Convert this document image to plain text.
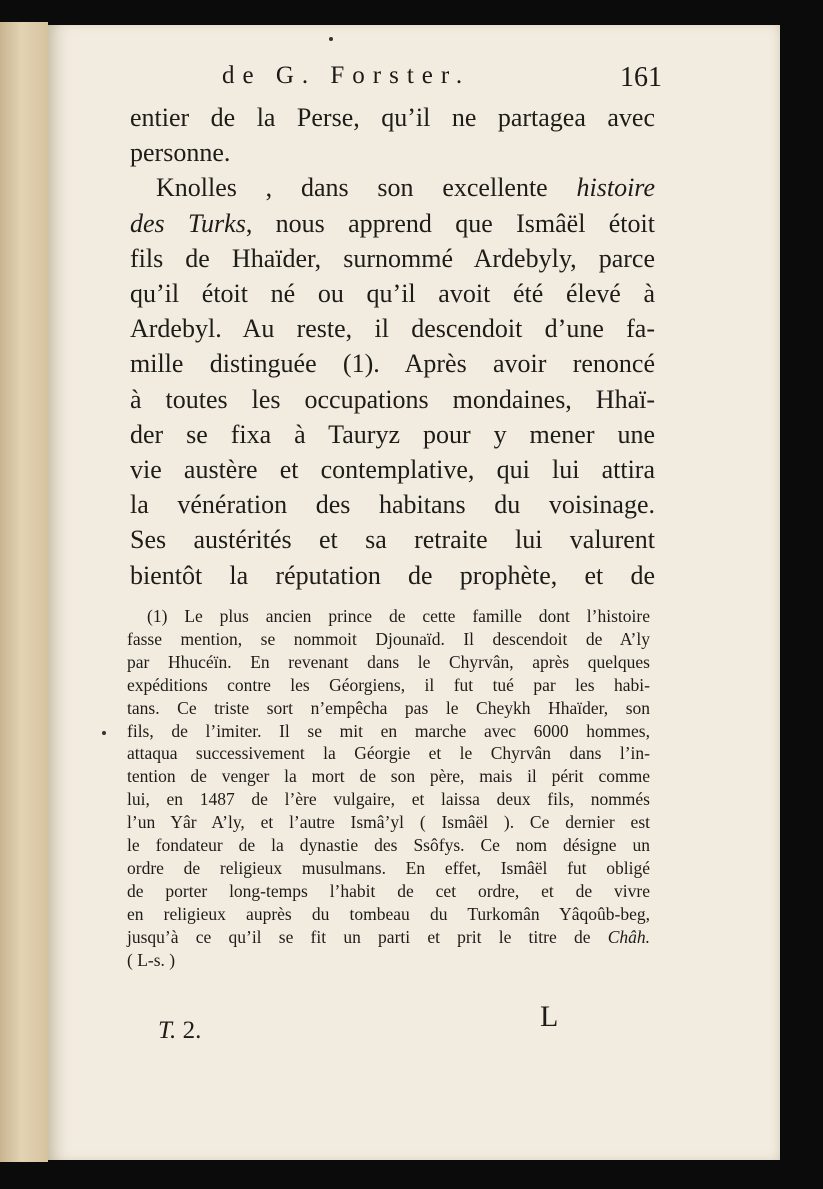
de G. Forster.	161
entier de la Perse, qu’il ne partagea avec
personne.
Knolles , dans son excellente histoire
des Turks, nous apprend que Ismâël étoit
fils de Hhaïder, surnommé Ardebyly, parce
qu’il étoit né ou qu’il avoit été élevé à
Ardebyl. Au reste, il descendoit d’une fa-
mille distinguée (1). Après avoir renoncé
à toutes les occupations mondaines, Hhaï-
der se fixa à Tauryz pour y mener une
vie austère et contemplative, qui lui attira
la vénération des habitans du voisinage.
Ses austérités et sa retraite lui valurent
bientôt la réputation de prophète, et de
(1) Le plus ancien prince de cette famille dont l’histoire
fasse mention, se nommoit Djounaïd. Il descendoit de A’ly
par Hhucéïn. En revenant dans le Chyrvân, après quelques
expéditions contre les Géorgiens, il fut tué par les habi-
tans. Ce triste sort n’empêcha pas le Cheykh Hhaïder, son
fils, de l’imiter. Il se mit en marche avec 6000 hommes,
attaqua successivement la Géorgie et le Chyrvân dans l’in-
tention de venger la mort de son père, mais il périt comme
lui, en 1487 de l’ère vulgaire, et laissa deux fils, nommés
l’un Yâr A’ly, et l’autre Ismâ’yl ( Ismâël ). Ce dernier est
le fondateur de la dynastie des Ssôfys. Ce nom désigne un
ordre de religieux musulmans. En effet, Ismâël fut obligé
de porter long-temps l’habit de cet ordre, et de vivre
en religieux auprès du tombeau du Turkomân Yâqoûb-beg,
jusqu’à ce qu’il se fit un parti et prit le titre de Châh.
( L-s. )
T. 2.	L
